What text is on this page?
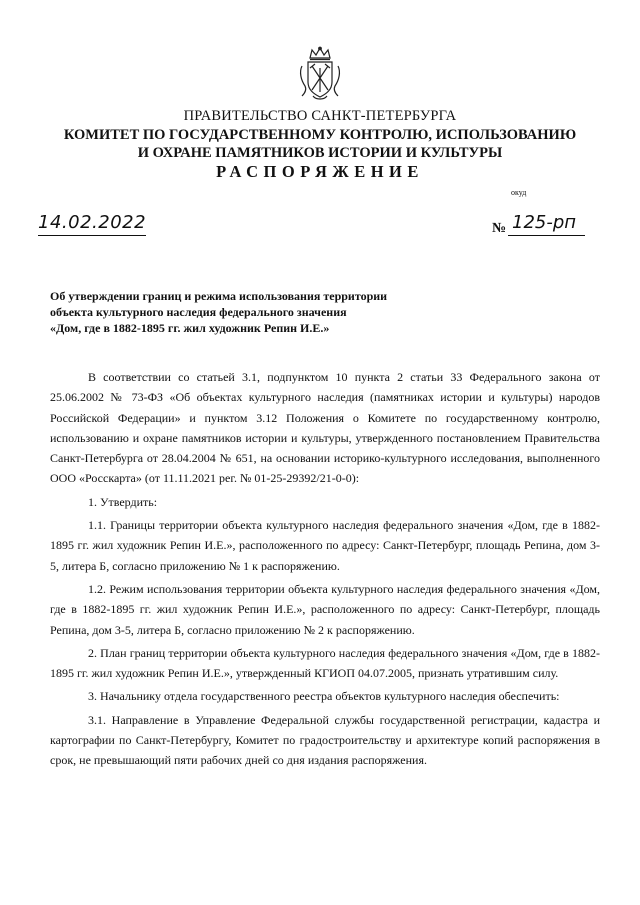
ПРАВИТЕЛЬСТВО САНКТ-ПЕТЕРБУРГА
КОМИТЕТ ПО ГОСУДАРСТВЕННОМУ КОНТРОЛЮ, ИСПОЛЬЗОВАНИЮ
И ОХРАНЕ ПАМЯТНИКОВ ИСТОРИИ И КУЛЬТУРЫ
РАСПОРЯЖЕНИЕ
окуд
14.02.2022	№ 125-рп
Об утверждении границ и режима использования территории
объекта культурного наследия федерального значения
«Дом, где в 1882-1895 гг. жил художник Репин И.Е.»

В соответствии со статьей 3.1, подпунктом 10 пункта 2 статьи 33 Федерального закона от 25.06.2002 № 73-ФЗ «Об объектах культурного наследия (памятниках истории и культуры) народов Российской Федерации» и пунктом 3.12 Положения о Комитете по государственному контролю, использованию и охране памятников истории и культуры, утвержденного постановлением Правительства Санкт-Петербурга от 28.04.2004 № 651, на основании историко-культурного исследования, выполненного ООО «Росскарта» (от 11.11.2021 рег. № 01-25-29392/21-0-0):

1. Утвердить:

1.1. Границы территории объекта культурного наследия федерального значения «Дом, где в 1882-1895 гг. жил художник Репин И.Е.», расположенного по адресу: Санкт-Петербург, площадь Репина, дом 3-5, литера Б, согласно приложению № 1 к распоряжению.

1.2. Режим использования территории объекта культурного наследия федерального значения «Дом, где в 1882-1895 гг. жил художник Репин И.Е.», расположенного по адресу: Санкт-Петербург, площадь Репина, дом 3-5, литера Б, согласно приложению № 2 к распоряжению.

2. План границ территории объекта культурного наследия федерального значения «Дом, где в 1882-1895 гг. жил художник Репин И.Е.», утвержденный КГИОП 04.07.2005, признать утратившим силу.

3. Начальнику отдела государственного реестра объектов культурного наследия обеспечить:

3.1. Направление в Управление Федеральной службы государственной регистрации, кадастра и картографии по Санкт-Петербургу, Комитет по градостроительству и архитектуре копий распоряжения в срок, не превышающий пяти рабочих дней со дня издания распоряжения.
